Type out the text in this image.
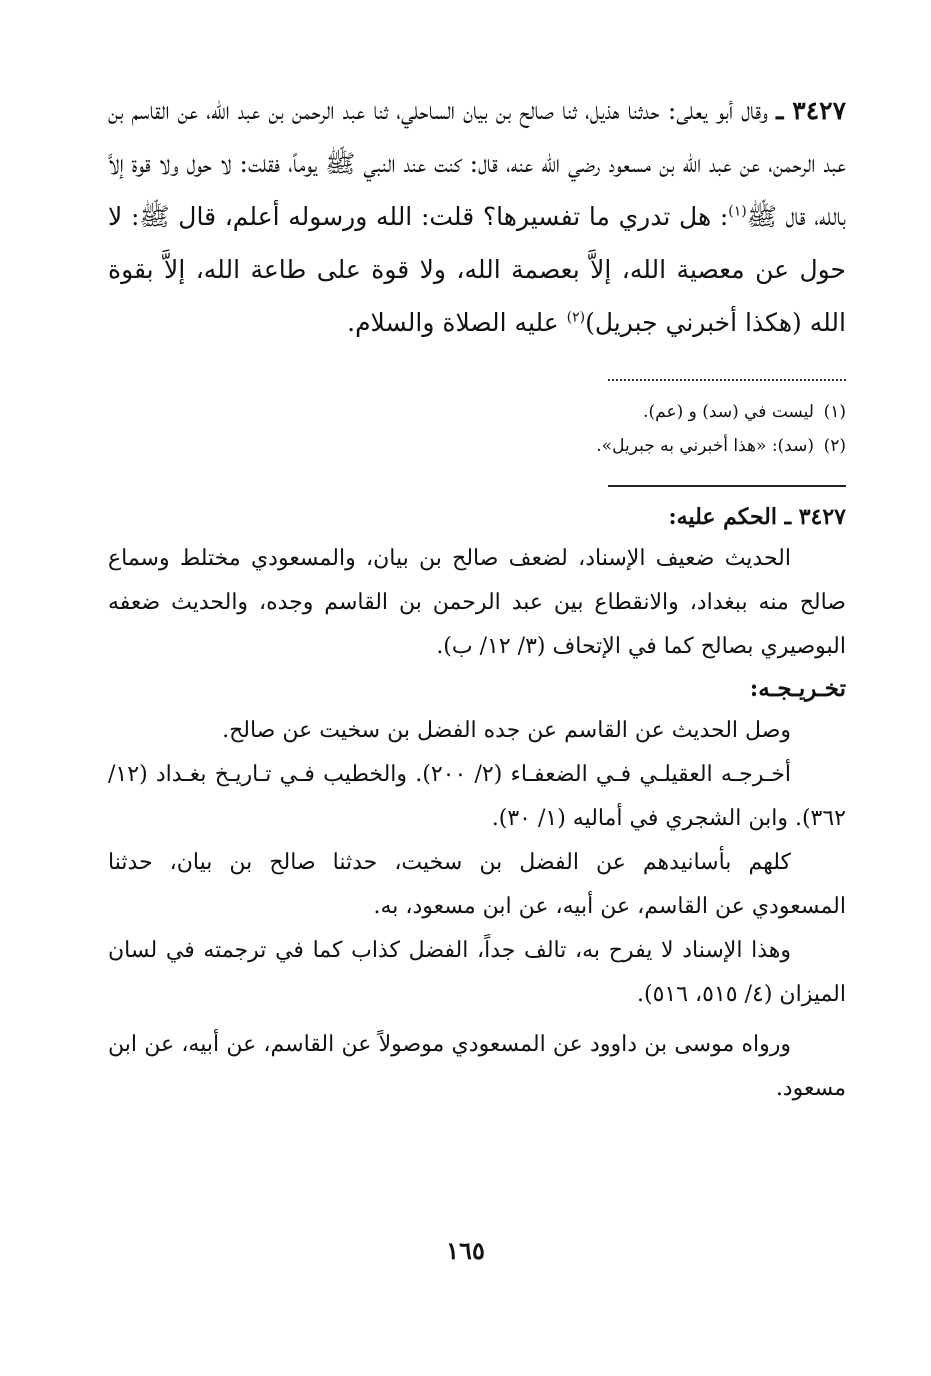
٣٤٢٧ ـ وقال أبو يعلى: حدثنا هذيل، ثنا صالح بن بيان الساحلي، ثنا عبد الرحمن بن عبد الله، عن القاسم بن عبد الرحمن، عن عبد الله بن مسعود رضي الله عنه، قال: كنت عند النبي ﷺ يوماً، فقلت: لا حول ولا قوة إلاَّ بالله، قال ﷺ$^{(١)}$: هل تدري ما تفسيرها؟ قلت: الله ورسوله أعلم، قال ﷺ: لا حول عن معصية الله، إلاَّ بعصمة الله، ولا قوة على طاعة الله، إلاَّ بقوة الله (هكذا أخبرني جبريل)$^{(٢)}$ عليه الصلاة والسلام.

(١)ليست في (سد) و (عم).
(٢)(سد): «هذا أخبرني به جبريل».
٣٤٢٧ ـ الحكم عليه:

الحديث ضعيف الإسناد، لضعف صالح بن بيان، والمسعودي مختلط وسماع صالح منه ببغداد، والانقطاع بين عبد الرحمن بن القاسم وجده، والحديث ضعفه البوصيري بصالح كما في الإتحاف (٣/ ١٢/ ب).

تخـريـجـه:

وصل الحديث عن القاسم عن جده الفضل بن سخيت عن صالح.

أخـرجـه العقيلـي فـي الضعفـاء (٢/ ٢٠٠). والخطيب فـي تـاريـخ بغـداد (١٢/ ٣٦٢). وابن الشجري في أماليه (١/ ٣٠).

كلهم بأسانيدهم عن الفضل بن سخيت، حدثنا صالح بن بيان، حدثنا المسعودي عن القاسم، عن أبيه، عن ابن مسعود، به.

وهذا الإسناد لا يفرح به، تالف جداً، الفضل كذاب كما في ترجمته في لسان الميزان (٤/ ٥١٥، ٥١٦).

ورواه موسى بن داوود عن المسعودي موصولاً عن القاسم، عن أبيه، عن ابن مسعود.

١٦٥
